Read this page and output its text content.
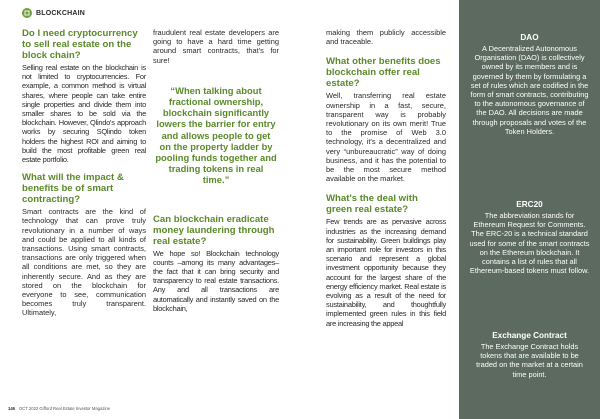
BLOCKCHAIN
Do I need cryptocurrency to sell real estate on the block chain?

Selling real estate on the blockchain is not limited to cryptocurrencies. For example, a common method is virtual shares, where people can take entire single properties and divide them into smaller shares to be sold via the blockchain. However, Qlindo's approach works by securing SQlindo token holders the highest ROI and aiming to build the most profitable green real estate portfolio.

What will the impact & benefits be of smart contracting?

Smart contracts are the kind of technology that can prove truly revolutionary in a number of ways and could be applied to all kinds of transactions. Using smart contracts, transactions are only triggered when all conditions are met, so they are inherently secure. And as they are stored on the blockchain for everyone to see, communication becomes truly transparent. Ultimately,

fraudulent real estate developers are going to have a hard time getting around smart contracts, that's for sure!

“When talking about fractional ownership, blockchain significantly lowers the barrier for entry and allows people to get on the property ladder by pooling funds together and trading tokens in real time.”
Can blockchain eradicate money laundering through real estate?

We hope so! Blockchain technology counts –among its many advantages– the fact that it can bring security and transparency to real estate transactions. Any and all transactions are automatically and instantly saved on the blockchain,

making them publicly accessible and traceable.

What other benefits does blockchain offer real estate?

Well, transferring real estate ownership in a fast, secure, transparent way is probably revolutionary on its own merit! True to the promise of Web 3.0 technology, it's a decentralized and very “unbureaucratic” way of doing business, and it has the potential to be the most secure method available on the market.

What's the deal with green real estate?

Few trends are as pervasive across industries as the increasing demand for sustainability. Green buildings play an important role for investors in this scenario and represent a global investment opportunity because they account for the largest share of the energy efficiency market. Real estate is evolving as a result of the need for sustainability, and thoughtfully implemented green rules in this field are increasing the appeal

DAO

A Decentralized Autonomous Organisation (DAO) is collectively owned by its members and is governed by them by formulating a set of rules which are codified in the form of smart contracts, contributing to the autonomous governance of the DAO. All decisions are made through proposals and votes of the Token Holders.

ERC20

The abbreviation stands for Ethereum Request for Comments. The ERC-20 is a technical standard used for some of the smart contracts on the Ethereum blockchain. It contains a list of rules that all Ethereum-based tokens must follow.

Exchange Contract

The Exchange Contract holds tokens that are available to be traded on the market at a certain time point.

146 OCT 2022 Gifford Real Estate Investor Magazine
